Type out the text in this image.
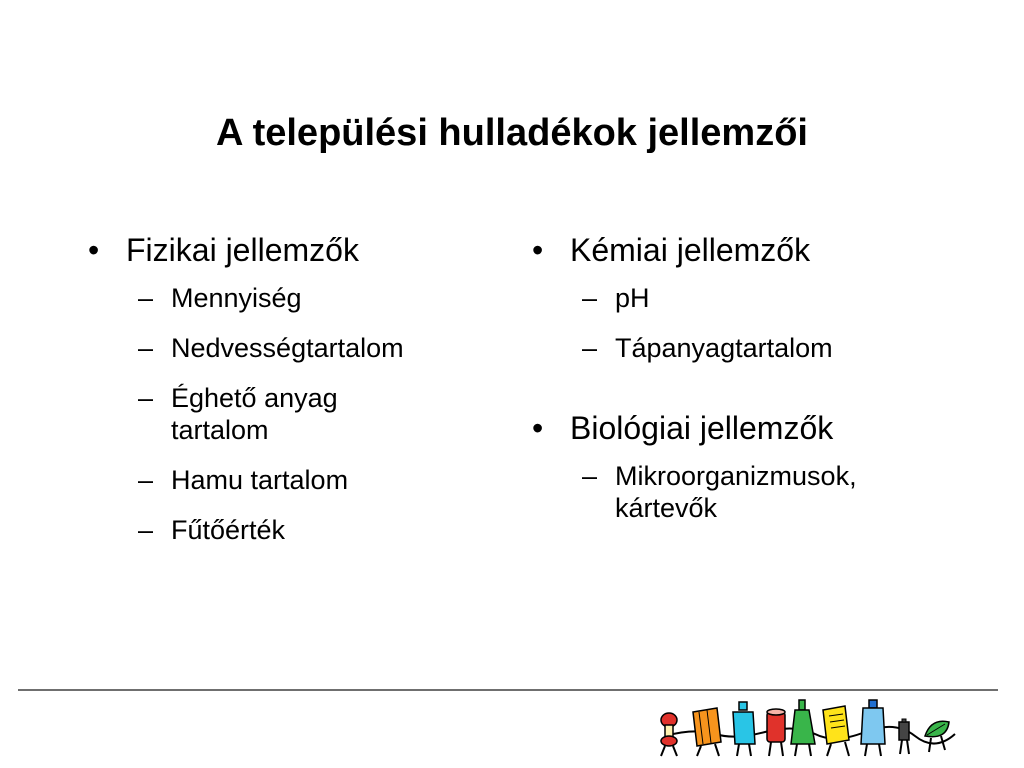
A települési hulladékok jellemzői
• Fizikai jellemzők
– Mennyiség
– Nedvességtartalom
– Éghető anyag tartalom
– Hamu tartalom
– Fűtőérték
• Kémiai jellemzők
– pH
– Tápanyagtartalom
• Biológiai jellemzők
– Mikroorganizmusok, kártevők
